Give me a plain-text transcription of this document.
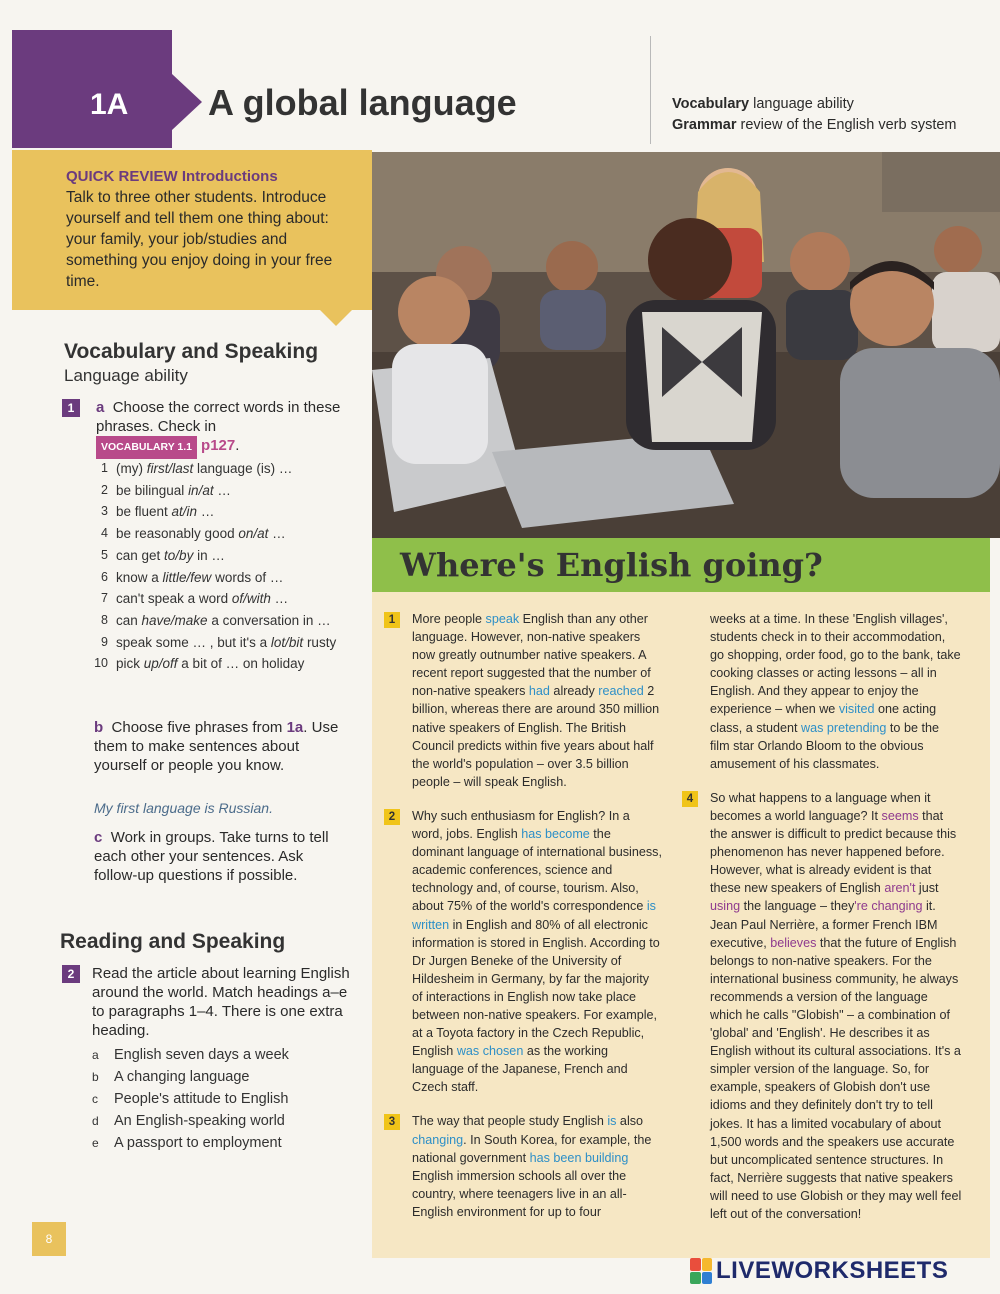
1A A global language	Vocabulary language ability
Grammar review of the English verb system
QUICK REVIEW Introductions
Talk to three other students. Introduce yourself and tell them one thing about: your family, your job/studies and something you enjoy doing in your free time.
Vocabulary and Speaking
Language ability
1	a Choose the correct words in these phrases. Check in
VOCABULARY 1.1 p127.
1 (my) first/last language (is) …
2 be bilingual in/at …
3 be fluent at/in …
4 be reasonably good on/at …
5 can get to/by in …
6 know a little/few words of …
7 can't speak a word of/with …
8 can have/make a conversation in …
9 speak some … , but it's a lot/bit rusty
10 pick up/off a bit of … on holiday
b Choose five phrases from 1a. Use them to make sentences about yourself or people you know.
My first language is Russian.
c Work in groups. Take turns to tell each other your sentences. Ask follow-up questions if possible.
Reading and Speaking
2	Read the article about learning English around the world. Match headings a–e to paragraphs 1–4. There is one extra heading.
a English seven days a week
b A changing language
c People's attitude to English
d An English-speaking world
e A passport to employment
8
Where's English going?
1	More people speak English than any other language. However, non-native speakers now greatly outnumber native speakers. A recent report suggested that the number of non-native speakers had already reached 2 billion, whereas there are around 350 million native speakers of English. The British Council predicts within five years about half the world's population – over 3.5 billion people – will speak English.
2	Why such enthusiasm for English? In a word, jobs. English has become the dominant language of international business, academic conferences, science and technology and, of course, tourism. Also, about 75% of the world's correspondence is written in English and 80% of all electronic information is stored in English. According to Dr Jurgen Beneke of the University of Hildesheim in Germany, by far the majority of interactions in English now take place between non-native speakers. For example, at a Toyota factory in the Czech Republic, English was chosen as the working language of the Japanese, French and Czech staff.
3	The way that people study English is also changing. In South Korea, for example, the national government has been building English immersion schools all over the country, where teenagers live in an all-English environment for up to four
weeks at a time. In these 'English villages', students check in to their accommodation, go shopping, order food, go to the bank, take cooking classes or acting lessons – all in English. And they appear to enjoy the experience – when we visited one acting class, a student was pretending to be the film star Orlando Bloom to the obvious amusement of his classmates.
4	So what happens to a language when it becomes a world language? It seems that the answer is difficult to predict because this phenomenon has never happened before. However, what is already evident is that these new speakers of English aren't just using the language – they're changing it. Jean Paul Nerrière, a former French IBM executive, believes that the future of English belongs to non-native speakers. For the international business community, he always recommends a version of the language which he calls "Globish" – a combination of 'global' and 'English'. He describes it as English without its cultural associations. It's a simpler version of the language. So, for example, speakers of Globish don't use idioms and they definitely don't try to tell jokes. It has a limited vocabulary of about 1,500 words and the speakers use accurate but uncomplicated sentence structures. In fact, Nerrière suggests that native speakers will need to use Globish or they may well feel left out of the conversation!
LIVEWORKSHEETS
